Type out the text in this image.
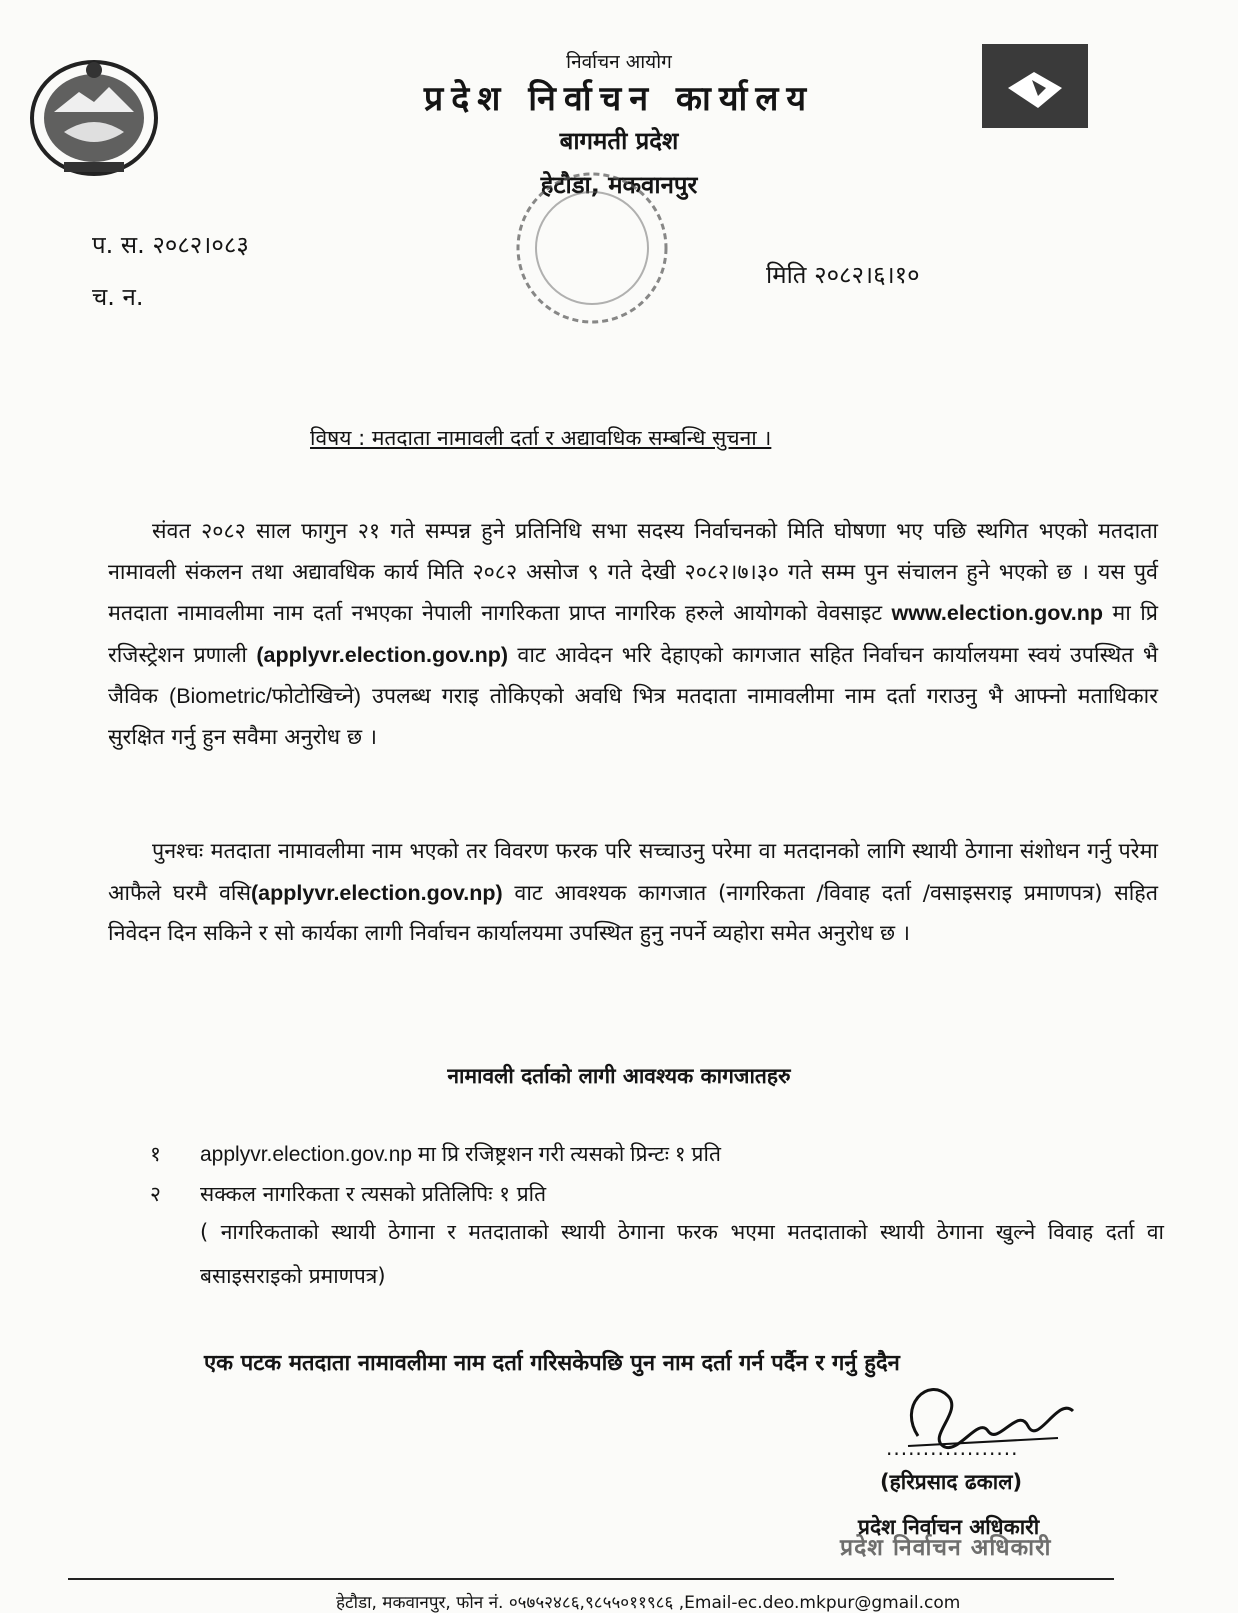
निर्वाचन आयोग
प्रदेश निर्वाचन कार्यालय
बागमती प्रदेश
हेटौडा, मकवानपुर
प. स. २०८२।०८३
च. न.
मिति २०८२।६।१०
विषय : मतदाता नामावली दर्ता र अद्यावधिक सम्बन्धि सुचना ।
संवत २०८२ साल फागुन २१ गते सम्पन्न हुने प्रतिनिधि सभा सदस्य निर्वाचनको मिति घोषणा भए पछि स्थगित भएको मतदाता नामावली संकलन तथा अद्यावधिक कार्य मिति २०८२ असोज ९ गते देखी २०८२।७।३० गते सम्म पुन संचालन हुने भएको छ । यस पुर्व मतदाता नामावलीमा नाम दर्ता नभएका नेपाली नागरिकता प्राप्त नागरिक हरुले आयोगको वेवसाइट www.election.gov.np मा प्रि रजिस्ट्रेशन प्रणाली (applyvr.election.gov.np) वाट आवेदन भरि देहाएको कागजात सहित निर्वाचन कार्यालयमा स्वयं उपस्थित भै जैविक (Biometric/फोटोखिच्ने) उपलब्ध गराइ तोकिएको अवधि भित्र मतदाता नामावलीमा नाम दर्ता गराउनु भै आफ्नो मताधिकार सुरक्षित गर्नु हुन सवैमा अनुरोध छ ।
पुनश्चः मतदाता नामावलीमा नाम भएको तर विवरण फरक परि सच्चाउनु परेमा वा मतदानको लागि स्थायी ठेगाना संशोधन गर्नु परेमा आफैले घरमै वसि(applyvr.election.gov.np) वाट आवश्यक कागजात (नागरिकता /विवाह दर्ता /वसाइसराइ प्रमाणपत्र) सहित निवेदन दिन सकिने र सो कार्यका लागी निर्वाचन कार्यालयमा उपस्थित हुनु नपर्ने व्यहोरा समेत अनुरोध छ ।
नामावली दर्ताको लागी आवश्यक कागजातहरु
१ applyvr.election.gov.np मा प्रि रजिष्ट्रशन गरी त्यसको प्रिन्टः १ प्रति
२ सक्कल नागरिकता र त्यसको प्रतिलिपिः १ प्रति
( नागरिकताको स्थायी ठेगाना र मतदाताको स्थायी ठेगाना फरक भएमा मतदाताको स्थायी ठेगाना खुल्ने विवाह दर्ता वा बसाइसराइको प्रमाणपत्र)
एक पटक मतदाता नामावलीमा नाम दर्ता गरिसकेपछि पुन नाम दर्ता गर्न पर्दैन र गर्नु हुदैन
..................
(हरिप्रसाद ढकाल)
प्रदेश निर्वाचन अधिकारी
प्रदेश निर्वाचन अधिकारी
हेटौडा, मकवानपुर, फोन नं. ०५७५२४८६,९८५५०११९८६ ,Email-ec.deo.mkpur@gmail.com
